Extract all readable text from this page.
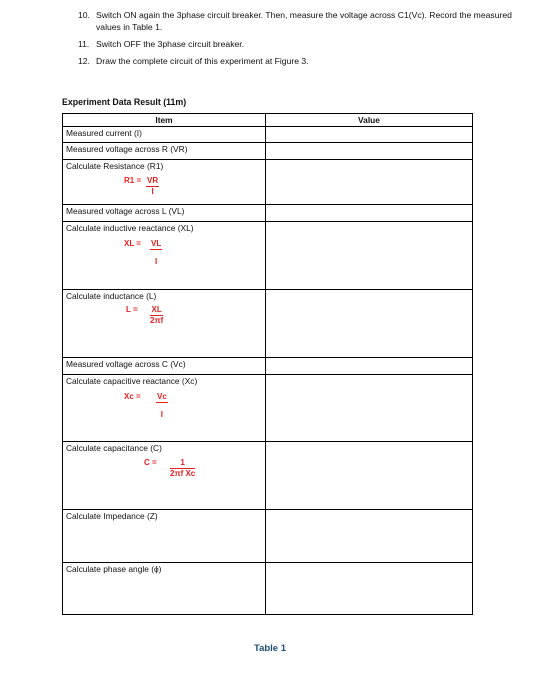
10. Switch ON again the 3phase circuit breaker. Then, measure the voltage across C1(Vc). Record the measured values in Table 1.
11. Switch OFF the 3phase circuit breaker.
12. Draw the complete circuit of this experiment at Figure 3.
Experiment Data Result (11m)
Item	Value

Measured current (I)	

Measured voltage across R (VR)	

Calculate Resistance (R1)
$R1 = \frac{VR}{I}$

Measured voltage across L (VL)	

Calculate inductive reactance (XL)
XL = $\frac{VL}{I}$

Calculate inductance (L)
$L = \frac{XL}{2\pi f}$

Measured voltage across C (Vc)	

Calculate capacitive reactance (Xc)
$Xc = \frac{Vc}{I}$

Calculate capacitance (C)
$C = \frac{1}{\text{2πf Xc}}$

Calculate Impedance (Z)	

Calculate phase angle (ϕ)	

Table 1
